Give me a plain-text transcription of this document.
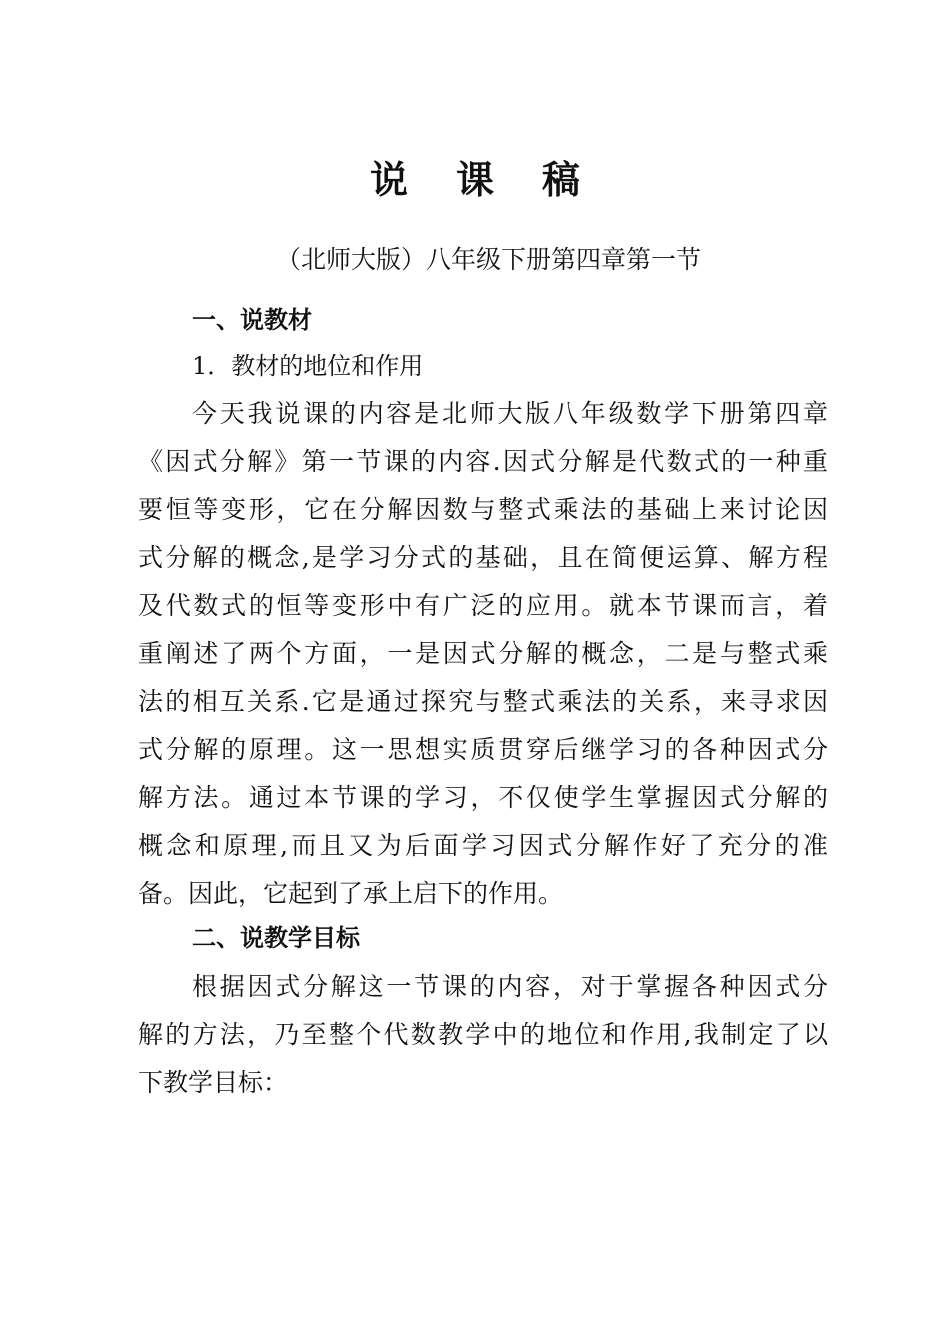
说课稿
（北师大版）八年级下册第四章第一节
一、说教材
1．教材的地位和作用
今天我说课的内容是北师大版八年级数学下册第四章
《因式分解》第一节课的内容.因式分解是代数式的一种重
要恒等变形，它在分解因数与整式乘法的基础上来讨论因
式分解的概念,是学习分式的基础，且在简便运算、解方程
及代数式的恒等变形中有广泛的应用。就本节课而言，着
重阐述了两个方面，一是因式分解的概念，二是与整式乘
法的相互关系.它是通过探究与整式乘法的关系，来寻求因
式分解的原理。这一思想实质贯穿后继学习的各种因式分
解方法。通过本节课的学习，不仅使学生掌握因式分解的
概念和原理,而且又为后面学习因式分解作好了充分的准
备。因此，它起到了承上启下的作用。
二、说教学目标
根据因式分解这一节课的内容，对于掌握各种因式分
解的方法，乃至整个代数教学中的地位和作用,我制定了以
下教学目标：
